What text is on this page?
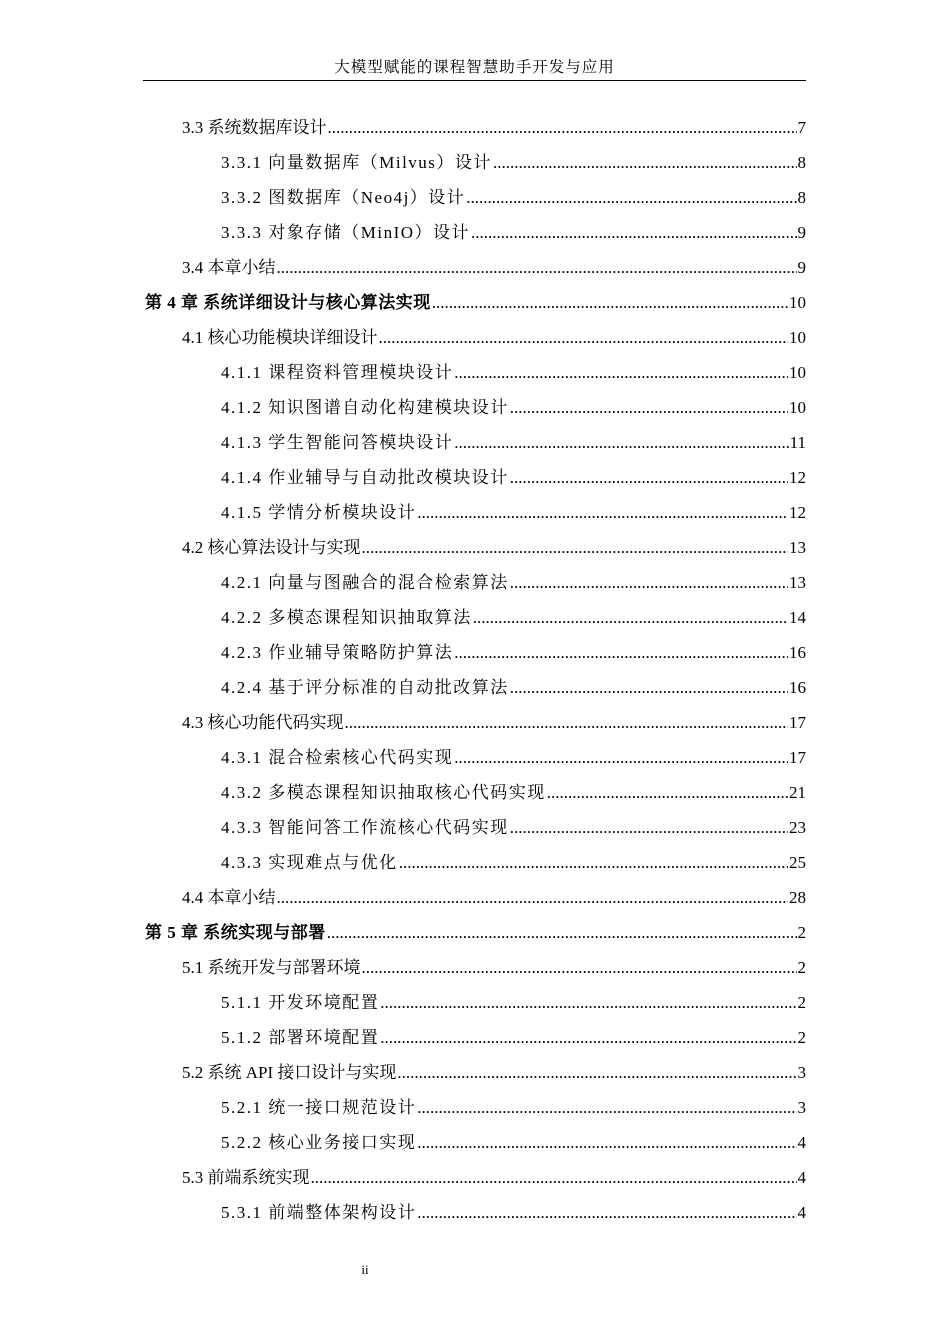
大模型赋能的课程智慧助手开发与应用
3.3 系统数据库设计 .....	7
3.3.1 向量数据库（Milvus）设计 .....	8
3.3.2 图数据库（Neo4j）设计 .....	8
3.3.3 对象存储（MinIO）设计 .....	9
3.4 本章小结 .....	9
第 4 章 系统详细设计与核心算法实现 .....	10
4.1 核心功能模块详细设计 .....	10
4.1.1 课程资料管理模块设计 .....	10
4.1.2 知识图谱自动化构建模块设计 .....	10
4.1.3 学生智能问答模块设计 .....	11
4.1.4 作业辅导与自动批改模块设计 .....	12
4.1.5 学情分析模块设计 .....	12
4.2 核心算法设计与实现 .....	13
4.2.1 向量与图融合的混合检索算法 .....	13
4.2.2 多模态课程知识抽取算法 .....	14
4.2.3 作业辅导策略防护算法 .....	16
4.2.4 基于评分标准的自动批改算法 .....	16
4.3 核心功能代码实现 .....	17
4.3.1 混合检索核心代码实现 .....	17
4.3.2 多模态课程知识抽取核心代码实现 .....	21
4.3.3 智能问答工作流核心代码实现 .....	23
4.3.3 实现难点与优化 .....	25
4.4 本章小结 .....	28
第 5 章 系统实现与部署 .....	2
5.1 系统开发与部署环境 .....	2
5.1.1 开发环境配置 .....	2
5.1.2 部署环境配置 .....	2
5.2 系统 API 接口设计与实现 .....	3
5.2.1 统一接口规范设计 .....	3
5.2.2 核心业务接口实现 .....	4
5.3 前端系统实现 .....	4
5.3.1 前端整体架构设计 .....	4
ii
